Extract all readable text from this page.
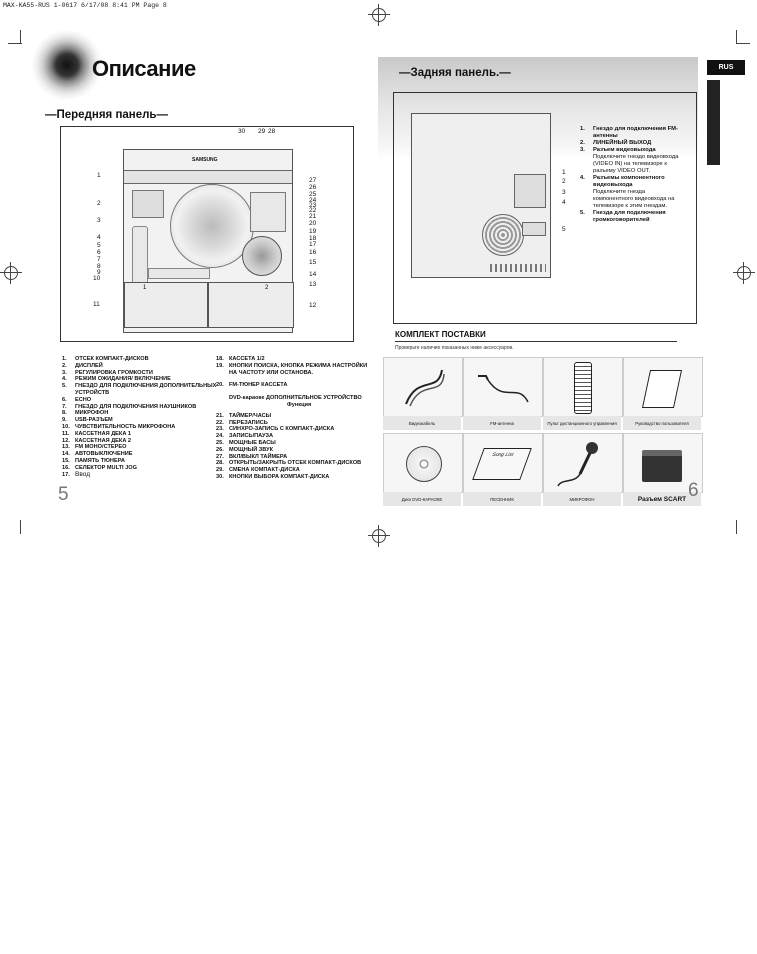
MAX-KA55-RUS 1-0617 6/17/08 8:41 PM Page 8
Описание
—Передняя панель—
SAMSUNG
1	2
30 29 28
1
2
3
4
5
6
7
8
9
10
11
27
26
25
24
23
22
21
20
19
18
17
16
15
14
13
12
1. ОТСЕК КОМПАКТ-ДИСКОВ
2. ДИСПЛЕЙ
3. РЕГУЛИРОВКА ГРОМКОСТИ
4. РЕЖИМ ОЖИДАНИЯ/ ВКЛЮЧЕНИЕ
5. ГНЕЗДО ДЛЯ ПОДКЛЮЧЕНИЯ ДОПОЛНИТЕЛЬНЫХ
УСТРОЙСТВ
6. ECHO
7. ГНЕЗДО ДЛЯ ПОДКЛЮЧЕНИЯ НАУШНИКОВ
8. МИКРОФОН
9. USB-РАЗЪЕМ
10. ЧУВСТВИТЕЛЬНОСТЬ МИКРОФОНА
11. КАССЕТНАЯ ДЕКА 1
12. КАССЕТНАЯ ДЕКА 2
13. FM МОНО/СТЕРЕО
14. АВТОВЫКЛЮЧЕНИЕ
15. ПАМЯТЬ ТЮНЕРА
16. СЕЛЕКТОР MULTI JOG
17. Ввод
18. КАССЕТА 1/2
19. КНОПКИ ПОИСКА, КНОПКА РЕЖИМА НАСТРОЙКИ
НА ЧАСТОТУ ИЛИ ОСТАНОВА.
20. FM-ТЮНЕР КАССЕТА
DVD-караоке ДОПОЛНИТЕЛЬНОЕ УСТРОЙСТВО
Функция
21. ТАЙМЕР/ЧАСЫ
22. ПЕРЕЗАПИСЬ
23. СИНХРО-ЗАПИСЬ С КОМПАКТ-ДИСКА
24. ЗАПИСЬ/ПАУЗА
25. МОЩНЫЕ БАСЫ
26. МОЩНЫЙ ЗВУК
27. ВКЛ/ВЫКЛ ТАЙМЕРА
28. ОТКРЫТЬ/ЗАКРЫТЬ ОТСЕК КОМПАКТ-ДИСКОВ
29. СМЕНА КОМПАКТ-ДИСКА
30. КНОПКИ ВЫБОРА КОМПАКТ-ДИСКА
5
—Задняя панель.—	RUS
ПОДГОТОВКА
1
2
3
4
5
1. Гнездо для подключения FM-
антенны
2. ЛИНЕЙНЫЙ ВЫХОД
3. Разъем видеовыхода
Подключите гнездо видеовхода
(VIDEO IN) на телевизоре к
разъему VIDEO OUT.
4. Разъемы компонентного
видеовыхода
Подключите гнезда
компонентного видеовхода на
телевизоре к этим гнездам.
5. Гнезда для подключения
громкоговорителей
КОМПЛЕКТ ПОСТАВКИ
Проверьте наличие показанных ниже аксессуаров.
Видеокабель	FM-антенна	Пульт дистанционного управления	Руководство пользователя
Диск DVD-КАРАОКЕ
Song List
ПЕСЕННИК	МИКРОФОН	Разъем SCART 6
